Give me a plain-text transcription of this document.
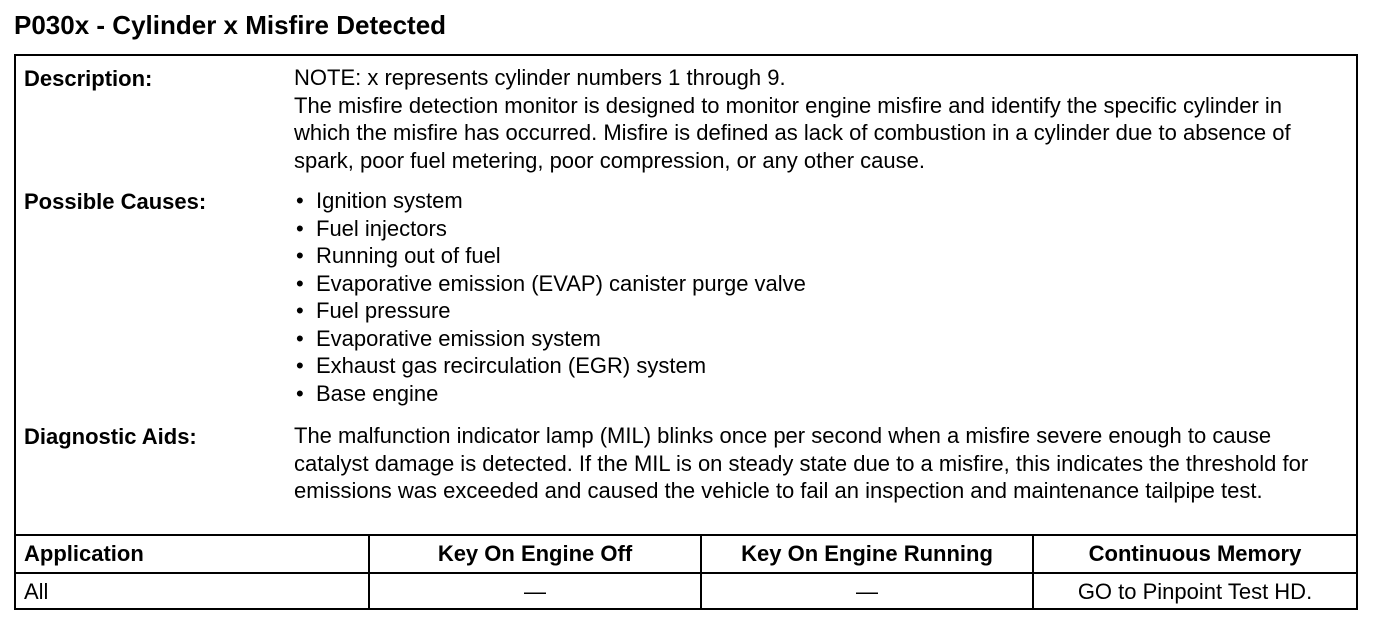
P030x - Cylinder x Misfire Detected
Description:	NOTE: x represents cylinder numbers 1 through 9.

The misfire detection monitor is designed to monitor engine misfire and identify the specific cylinder in which the misfire has occurred. Misfire is defined as lack of combustion in a cylinder due to absence of spark, poor fuel metering, poor compression, or any other cause.

Possible Causes:
•	Ignition system
• Fuel injectors
• Running out of fuel
• Evaporative emission (EVAP) canister purge valve
• Fuel pressure
• Evaporative emission system
• Exhaust gas recirculation (EGR) system
• Base engine
Diagnostic Aids:	The malfunction indicator lamp (MIL) blinks once per second when a misfire severe enough to cause catalyst damage is detected. If the MIL is on steady state due to a misfire, this indicates the threshold for emissions was exceeded and caused the vehicle to fail an inspection and maintenance tailpipe test.

Application	Key On Engine Off	Key On Engine Running	Continuous Memory
All	—	—	GO to Pinpoint Test HD.
